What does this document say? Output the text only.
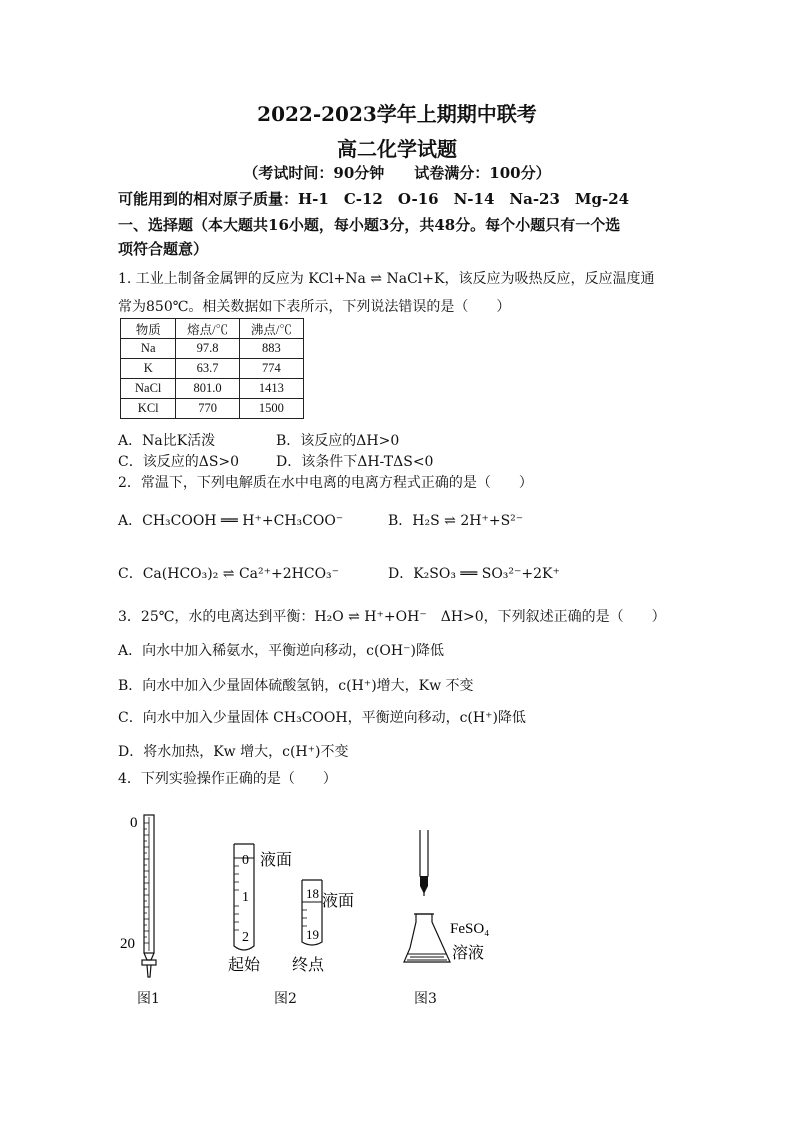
2022-2023学年上期期中联考
高二化学试题
（考试时间：90分钟　　试卷满分：100分）
可能用到的相对原子质量：H-1　C-12　O-16　N-14　Na-23　Mg-24
一、选择题（本大题共16小题，每小题3分，共48分。每个小题只有一个选
项符合题意）
1. 工业上制备金属钾的反应为 KCl+Na ⇌ NaCl+K，该反应为吸热反应，反应温度通
常为850℃。相关数据如下表所示，下列说法错误的是（　　）
物质	熔点/℃	沸点/℃
Na	97.8	883
K	63.7	774
NaCl	801.0	1413
KCl	770	1500
A．Na比K活泼	B．该反应的ΔH>0
C．该反应的ΔS>0	D．该条件下ΔH-TΔS<0
2．常温下，下列电解质在水中电离的电离方程式正确的是（　　）
A．CH₃COOH ══ H⁺+CH₃COO⁻	B．H₂S ⇌ 2H⁺+S²⁻
C．Ca(HCO₃)₂ ⇌ Ca²⁺+2HCO₃⁻	D．K₂SO₃ ══ SO₃²⁻+2K⁺
3．25℃，水的电离达到平衡：H₂O ⇌ H⁺+OH⁻　ΔH>0，下列叙述正确的是（　　）
A．向水中加入稀氨水，平衡逆向移动，c(OH⁻)降低
B．向水中加入少量固体硫酸氢钠，c(H⁺)增大，Kw 不变
C．向水中加入少量固体 CH₃COOH，平衡逆向移动，c(H⁺)降低
D．将水加热，Kw 增大，c(H⁺)不变
4．下列实验操作正确的是（　　）
0
20
图1
0
1
2
液面
起始
18
19
液面
终点
图2
FeSO₄
溶液
图3
